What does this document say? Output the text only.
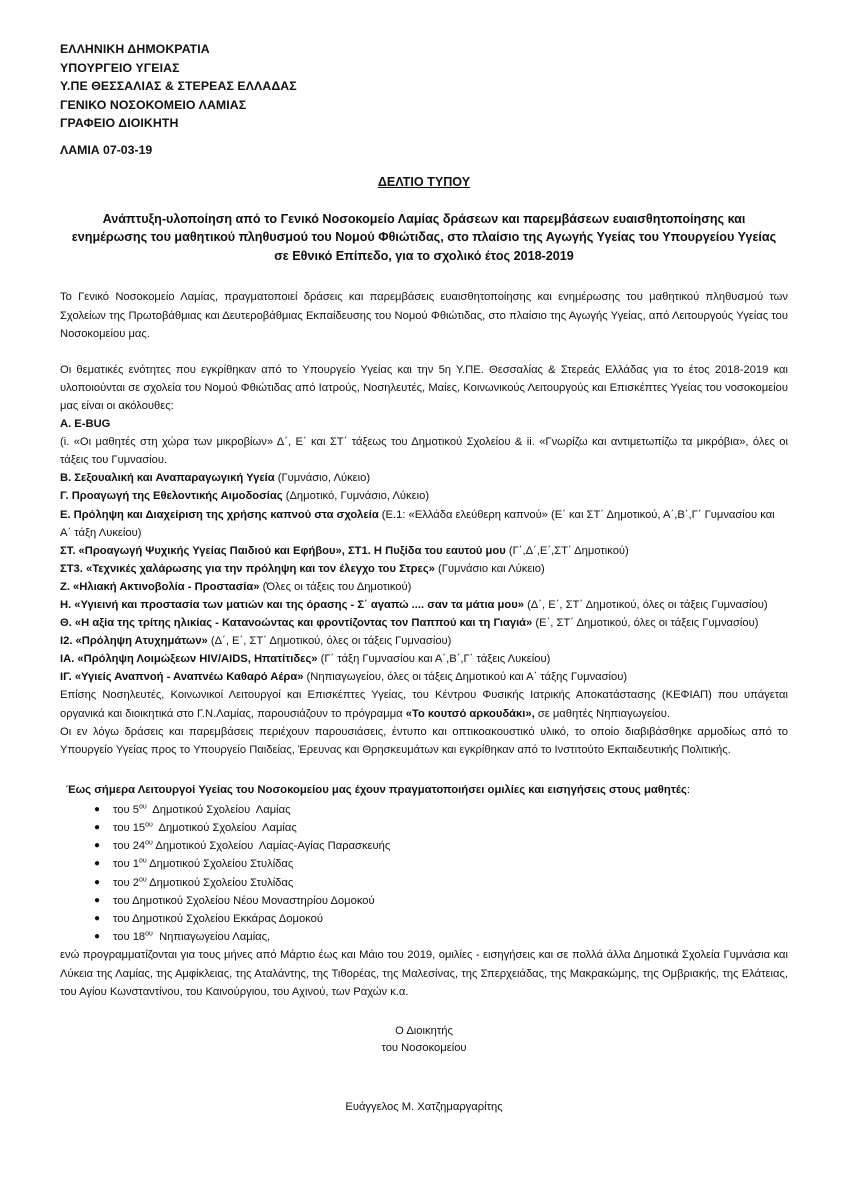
ΕΛΛΗΝΙΚΗ ΔΗΜΟΚΡΑΤΙΑ
ΥΠΟΥΡΓΕΙΟ ΥΓΕΙΑΣ
Υ.ΠΕ ΘΕΣΣΑΛΙΑΣ & ΣΤΕΡΕΑΣ ΕΛΛΑΔΑΣ
ΓΕΝΙΚΟ ΝΟΣΟΚΟΜΕΙΟ ΛΑΜΙΑΣ
ΓΡΑΦΕΙΟ ΔΙΟΙΚΗΤΗ
ΛΑΜΙΑ 07-03-19
ΔΕΛΤΙΟ ΤΥΠΟΥ
Ανάπτυξη-υλοποίηση από το Γενικό Νοσοκομείο Λαμίας δράσεων και παρεμβάσεων ευαισθητοποίησης και ενημέρωσης του μαθητικού πληθυσμού του Νομού Φθιώτιδας, στο πλαίσιο της Αγωγής Υγείας του Υπουργείου Υγείας σε Εθνικό Επίπεδο, για το σχολικό έτος 2018-2019

Το Γενικό Νοσοκομείο Λαμίας, πραγματοποιεί δράσεις και παρεμβάσεις ευαισθητοποίησης και ενημέρωσης του μαθητικού πληθυσμού των Σχολείων της Πρωτοβάθμιας και Δευτεροβάθμιας Εκπαίδευσης του Νομού Φθιώτιδας, στο πλαίσιο της Αγωγής Υγείας, από Λειτουργούς Υγείας του Νοσοκομείου μας.

Οι θεματικές ενότητες που εγκρίθηκαν από το Υπουργείο Υγείας και την 5η Υ.ΠΕ. Θεσσαλίας & Στερεάς Ελλάδας για το έτος 2018-2019 και υλοποιούνται σε σχολεία του Νομού Φθιώτιδας από Ιατρούς, Νοσηλευτές, Μαίες, Κοινωνικούς Λειτουργούς και Επισκέπτες Υγείας του νοσοκομείου μας είναι οι ακόλουθες:

Α. E-BUG
(i. «Οι μαθητές στη χώρα των μικροβίων» Δ΄, Ε΄ και ΣΤ΄ τάξεως του Δημοτικού Σχολείου & ii. «Γνωρίζω και αντιμετωπίζω τα μικρόβια», όλες οι τάξεις του Γυμνασίου.
Β. Σεξουαλική και Αναπαραγωγική Υγεία (Γυμνάσιο, Λύκειο)
Γ. Προαγωγή της Εθελοντικής Αιμοδοσίας (Δημοτικό, Γυμνάσιο, Λύκειο)
Ε. Πρόληψη και Διαχείριση της χρήσης καπνού στα σχολεία (Ε.1: «Ελλάδα ελεύθερη καπνού» (Ε΄ και ΣΤ΄ Δημοτικού, Α΄,Β΄,Γ΄ Γυμνασίου και Α΄ τάξη Λυκείου)
ΣΤ. «Προαγωγή Ψυχικής Υγείας Παιδιού και Εφήβου», ΣΤ1. Η Πυξίδα του εαυτού μου (Γ΄,Δ΄,Ε΄,ΣΤ΄ Δημοτικού)
ΣΤ3. «Τεχνικές χαλάρωσης για την πρόληψη και τον έλεγχο του Στρες» (Γυμνάσιο και Λύκειο)
Ζ. «Ηλιακή Ακτινοβολία - Προστασία» (Όλες οι τάξεις του Δημοτικού)
Η. «Υγιεινή και προστασία των ματιών και της όρασης - Σ΄ αγαπώ .... σαν τα μάτια μου» (Δ΄, Ε΄, ΣΤ΄ Δημοτικού, όλες οι τάξεις Γυμνασίου)
Θ. «Η αξία της τρίτης ηλικίας - Κατανοώντας και φροντίζοντας τον Παππού και τη Γιαγιά» (Ε΄, ΣΤ΄ Δημοτικού, όλες οι τάξεις Γυμνασίου)
Ι2. «Πρόληψη Ατυχημάτων» (Δ΄, Ε΄, ΣΤ΄ Δημοτικού, όλες οι τάξεις Γυμνασίου)
ΙΑ. «Πρόληψη Λοιμώξεων HIV/AIDS, Ηπατίτιδες» (Γ΄ τάξη Γυμνασίου και Α΄,Β΄,Γ΄ τάξεις Λυκείου)
ΙΓ. «Υγιείς Αναπνοή - Αναπνέω Καθαρό Αέρα» (Νηπιαγωγείου, όλες οι τάξεις Δημοτικού και Α΄ τάξης Γυμνασίου)

Επίσης Νοσηλευτές, Κοινωνικοί Λειτουργοί και Επισκέπτες Υγείας, του Κέντρου Φυσικής Ιατρικής Αποκατάστασης (ΚΕΦΙΑΠ) που υπάγεται οργανικά και διοικητικά στο Γ.Ν.Λαμίας, παρουσιάζουν το πρόγραμμα «Το κουτσό αρκουδάκι», σε μαθητές Νηπιαγωγείου.

Οι εν λόγω δράσεις και παρεμβάσεις περιέχουν παρουσιάσεις, έντυπο και οπτικοακουστικό υλικό, το οποίο διαβιβάσθηκε αρμοδίως από το Υπουργείο Υγείας προς το Υπουργείο Παιδείας, Έρευνας και Θρησκευμάτων και εγκρίθηκαν από το Ινστιτούτο Εκπαιδευτικής Πολιτικής.

Έως σήμερα Λειτουργοί Υγείας του Νοσοκομείου μας έχουν πραγματοποιήσει ομιλίες και εισηγήσεις στους μαθητές:
● του $5^{o\upsilon}$  Δημοτικού Σχολείου  Λαμίας
● του $15^{o\upsilon}$  Δημοτικού Σχολείου  Λαμίας
● του $24^{o\upsilon}$ Δημοτικού Σχολείου  Λαμίας-Αγίας Παρασκευής
● του $1^{o\upsilon}$ Δημοτικού Σχολείου Στυλίδας
● του $2^{o\upsilon}$ Δημοτικού Σχολείου Στυλίδας
● του Δημοτικού Σχολείου Νέου Μοναστηρίου Δομοκού
● του Δημοτικού Σχολείου Εκκάρας Δομοκού
● του $18^{o\upsilon}$  Νηπιαγωγείου Λαμίας,

ενώ προγραμματίζονται για τους μήνες από Μάρτιο έως και Μάιο του 2019, ομιλίες - εισηγήσεις και σε πολλά άλλα Δημοτικά Σχολεία Γυμνάσια και Λύκεια της Λαμίας, της Αμφίκλειας, της Αταλάντης, της Τιθορέας, της Μαλεσίνας, της Σπερχειάδας, της Μακρακώμης, της Ομβριακής, της Ελάτειας, του Αγίου Κωνσταντίνου, του Καινούργιου, του Αχινού, των Ραχών κ.α.

Ο Διοικητής
του Νοσοκομείου
Ευάγγελος Μ. Χατζημαργαρίτης
